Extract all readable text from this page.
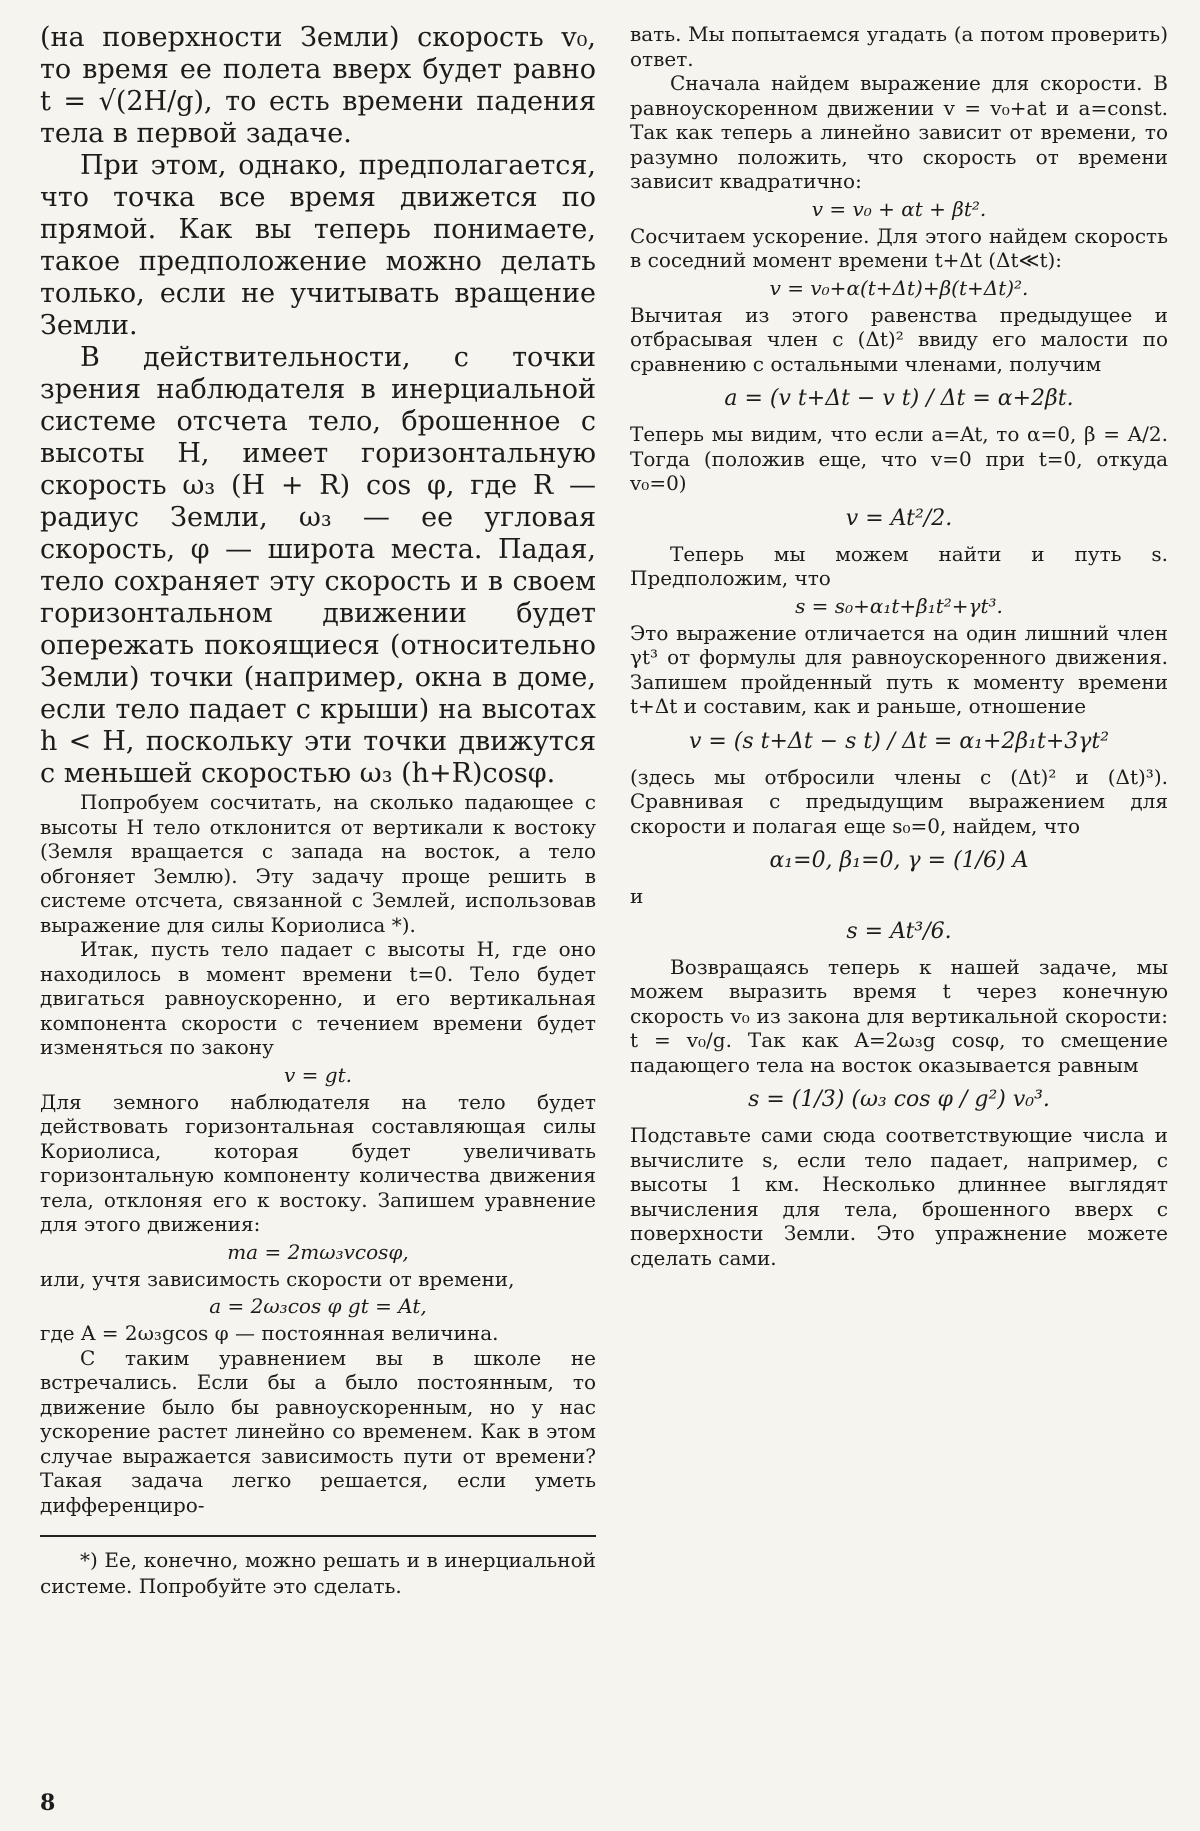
(на поверхности Земли) скорость v₀, то время ее полета вверх будет равно t = √(2H/g), то есть времени падения тела в первой задаче.

При этом, однако, предполагается, что точка все время движется по прямой. Как вы теперь понимаете, такое предположение можно делать только, если не учитывать вращение Земли.

В действительности, с точки зрения наблюдателя в инерциальной системе отсчета тело, брошенное с высоты H, имеет горизонтальную скорость ω₃ (H + R) cos φ, где R — радиус Земли, ω₃ — ее угловая скорость, φ — широта места. Падая, тело сохраняет эту скорость и в своем горизонтальном движении будет опережать покоящиеся (относительно Земли) точки (например, окна в доме, если тело падает с крыши) на высотах h < H, поскольку эти точки движутся с меньшей скоростью ω₃ (h+R)cosφ.

Попробуем сосчитать, на сколько падающее с высоты H тело отклонится от вертикали к востоку (Земля вращается с запада на восток, а тело обгоняет Землю). Эту задачу проще решить в системе отсчета, связанной с Землей, использовав выражение для силы Кориолиса *).

Итак, пусть тело падает с высоты H, где оно находилось в момент времени t=0. Тело будет двигаться равноускоренно, и его вертикальная компонента скорости с течением времени будет изменяться по закону

v = gt.

Для земного наблюдателя на тело будет действовать горизонтальная составляющая силы Кориолиса, которая будет увеличивать горизонтальную компоненту количества движения тела, отклоняя его к востоку. Запишем уравнение для этого движения:

ma = 2mω₃vcosφ,

или, учтя зависимость скорости от времени,

a = 2ω₃cos φ gt = At,

где A = 2ω₃gcos φ — постоянная величина.

С таким уравнением вы в школе не встречались. Если бы a было постоянным, то движение было бы равноускоренным, но у нас ускорение растет линейно со временем. Как в этом случае выражается зависимость пути от времени? Такая задача легко решается, если уметь дифференциро-

*) Ее, конечно, можно решать и в инерциальной системе. Попробуйте это сделать.

вать. Мы попытаемся угадать (а потом проверить) ответ.

Сначала найдем выражение для скорости. В равноускоренном движении v = v₀+at и a=const. Так как теперь a линейно зависит от времени, то разумно положить, что скорость от времени зависит квадратично:

v = v₀ + αt + βt².

Сосчитаем ускорение. Для этого найдем скорость в соседний момент времени t+Δt (Δt≪t):

v = v₀+α(t+Δt)+β(t+Δt)².

Вычитая из этого равенства предыдущее и отбрасывая член с (Δt)² ввиду его малости по сравнению с остальными членами, получим

a = (v t+Δt − v t) / Δt = α+2βt.

Теперь мы видим, что если a=At, то α=0, β = A/2. Тогда (положив еще, что v=0 при t=0, откуда v₀=0)

v = At²/2.

Теперь мы можем найти и путь s. Предположим, что

s = s₀+α₁t+β₁t²+γt³.

Это выражение отличается на один лишний член γt³ от формулы для равноускоренного движения. Запишем пройденный путь к моменту времени t+Δt и составим, как и раньше, отношение

v = (s t+Δt − s t) / Δt = α₁+2β₁t+3γt²

(здесь мы отбросили члены с (Δt)² и (Δt)³). Сравнивая с предыдущим выражением для скорости и полагая еще s₀=0, найдем, что

α₁=0, β₁=0, γ = (1/6) A

и

s = At³/6.

Возвращаясь теперь к нашей задаче, мы можем выразить время t через конечную скорость v₀ из закона для вертикальной скорости: t = v₀/g. Так как A=2ω₃g cosφ, то смещение падающего тела на восток оказывается равным

s = (1/3) (ω₃ cos φ / g²) v₀³.

Подставьте сами сюда соответствующие числа и вычислите s, если тело падает, например, с высоты 1 км. Несколько длиннее выглядят вычисления для тела, брошенного вверх с поверхности Земли. Это упражнение можете сделать сами.

8
